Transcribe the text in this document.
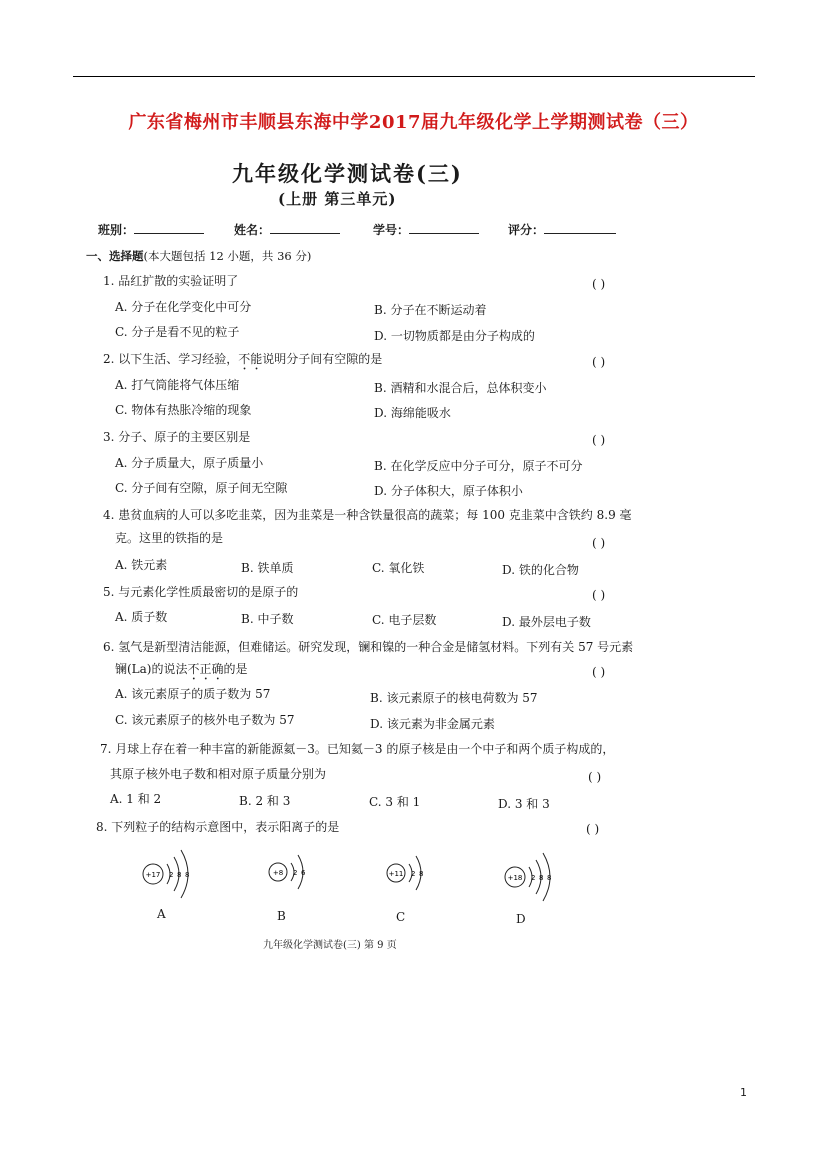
广东省梅州市丰顺县东海中学2017届九年级化学上学期测试卷（三）
九年级化学测试卷(三)
(上册 第三单元)
班别：	姓名：	学号：	评分：
一、选择题(本大题包括 12 小题，共 36 分)
1. 品红扩散的实验证明了	( )
A. 分子在化学变化中可分	B. 分子在不断运动着
C. 分子是看不见的粒子	D. 一切物质都是由分子构成的
2. 以下生活、学习经验，不能说明分子间有空隙的是	( )
A. 打气筒能将气体压缩	B. 酒精和水混合后，总体积变小
C. 物体有热胀冷缩的现象	D. 海绵能吸水
3. 分子、原子的主要区别是	( )
A. 分子质量大，原子质量小	B. 在化学反应中分子可分，原子不可分
C. 分子间有空隙，原子间无空隙	D. 分子体积大，原子体积小
4. 患贫血病的人可以多吃韭菜，因为韭菜是一种含铁量很高的蔬菜；每 100 克韭菜中含铁约 8.9 毫
克。这里的铁指的是	( )
A. 铁元素	B. 铁单质	C. 氧化铁	D. 铁的化合物
5. 与元素化学性质最密切的是原子的	( )
A. 质子数	B. 中子数	C. 电子层数	D. 最外层电子数
6. 氢气是新型清洁能源，但难储运。研究发现，镧和镍的一种合金是储氢材料。下列有关 57 号元素
镧(La)的说法不正确的是	( )
A. 该元素原子的质子数为 57	B. 该元素原子的核电荷数为 57
C. 该元素原子的核外电子数为 57	D. 该元素为非金属元素
7. 月球上存在着一种丰富的新能源氦－3。已知氦－3 的原子核是由一个中子和两个质子构成的，
其原子核外电子数和相对原子质量分别为	( )
A. 1 和 2	B. 2 和 3	C. 3 和 1	D. 3 和 3
8. 下列粒子的结构示意图中，表示阳离子的是	( )
+17 2 8 8
A
+8 2 6
B
+11 2 8
C
+18 2 8 8
D
九年级化学测试卷(三) 第 9 页
1
